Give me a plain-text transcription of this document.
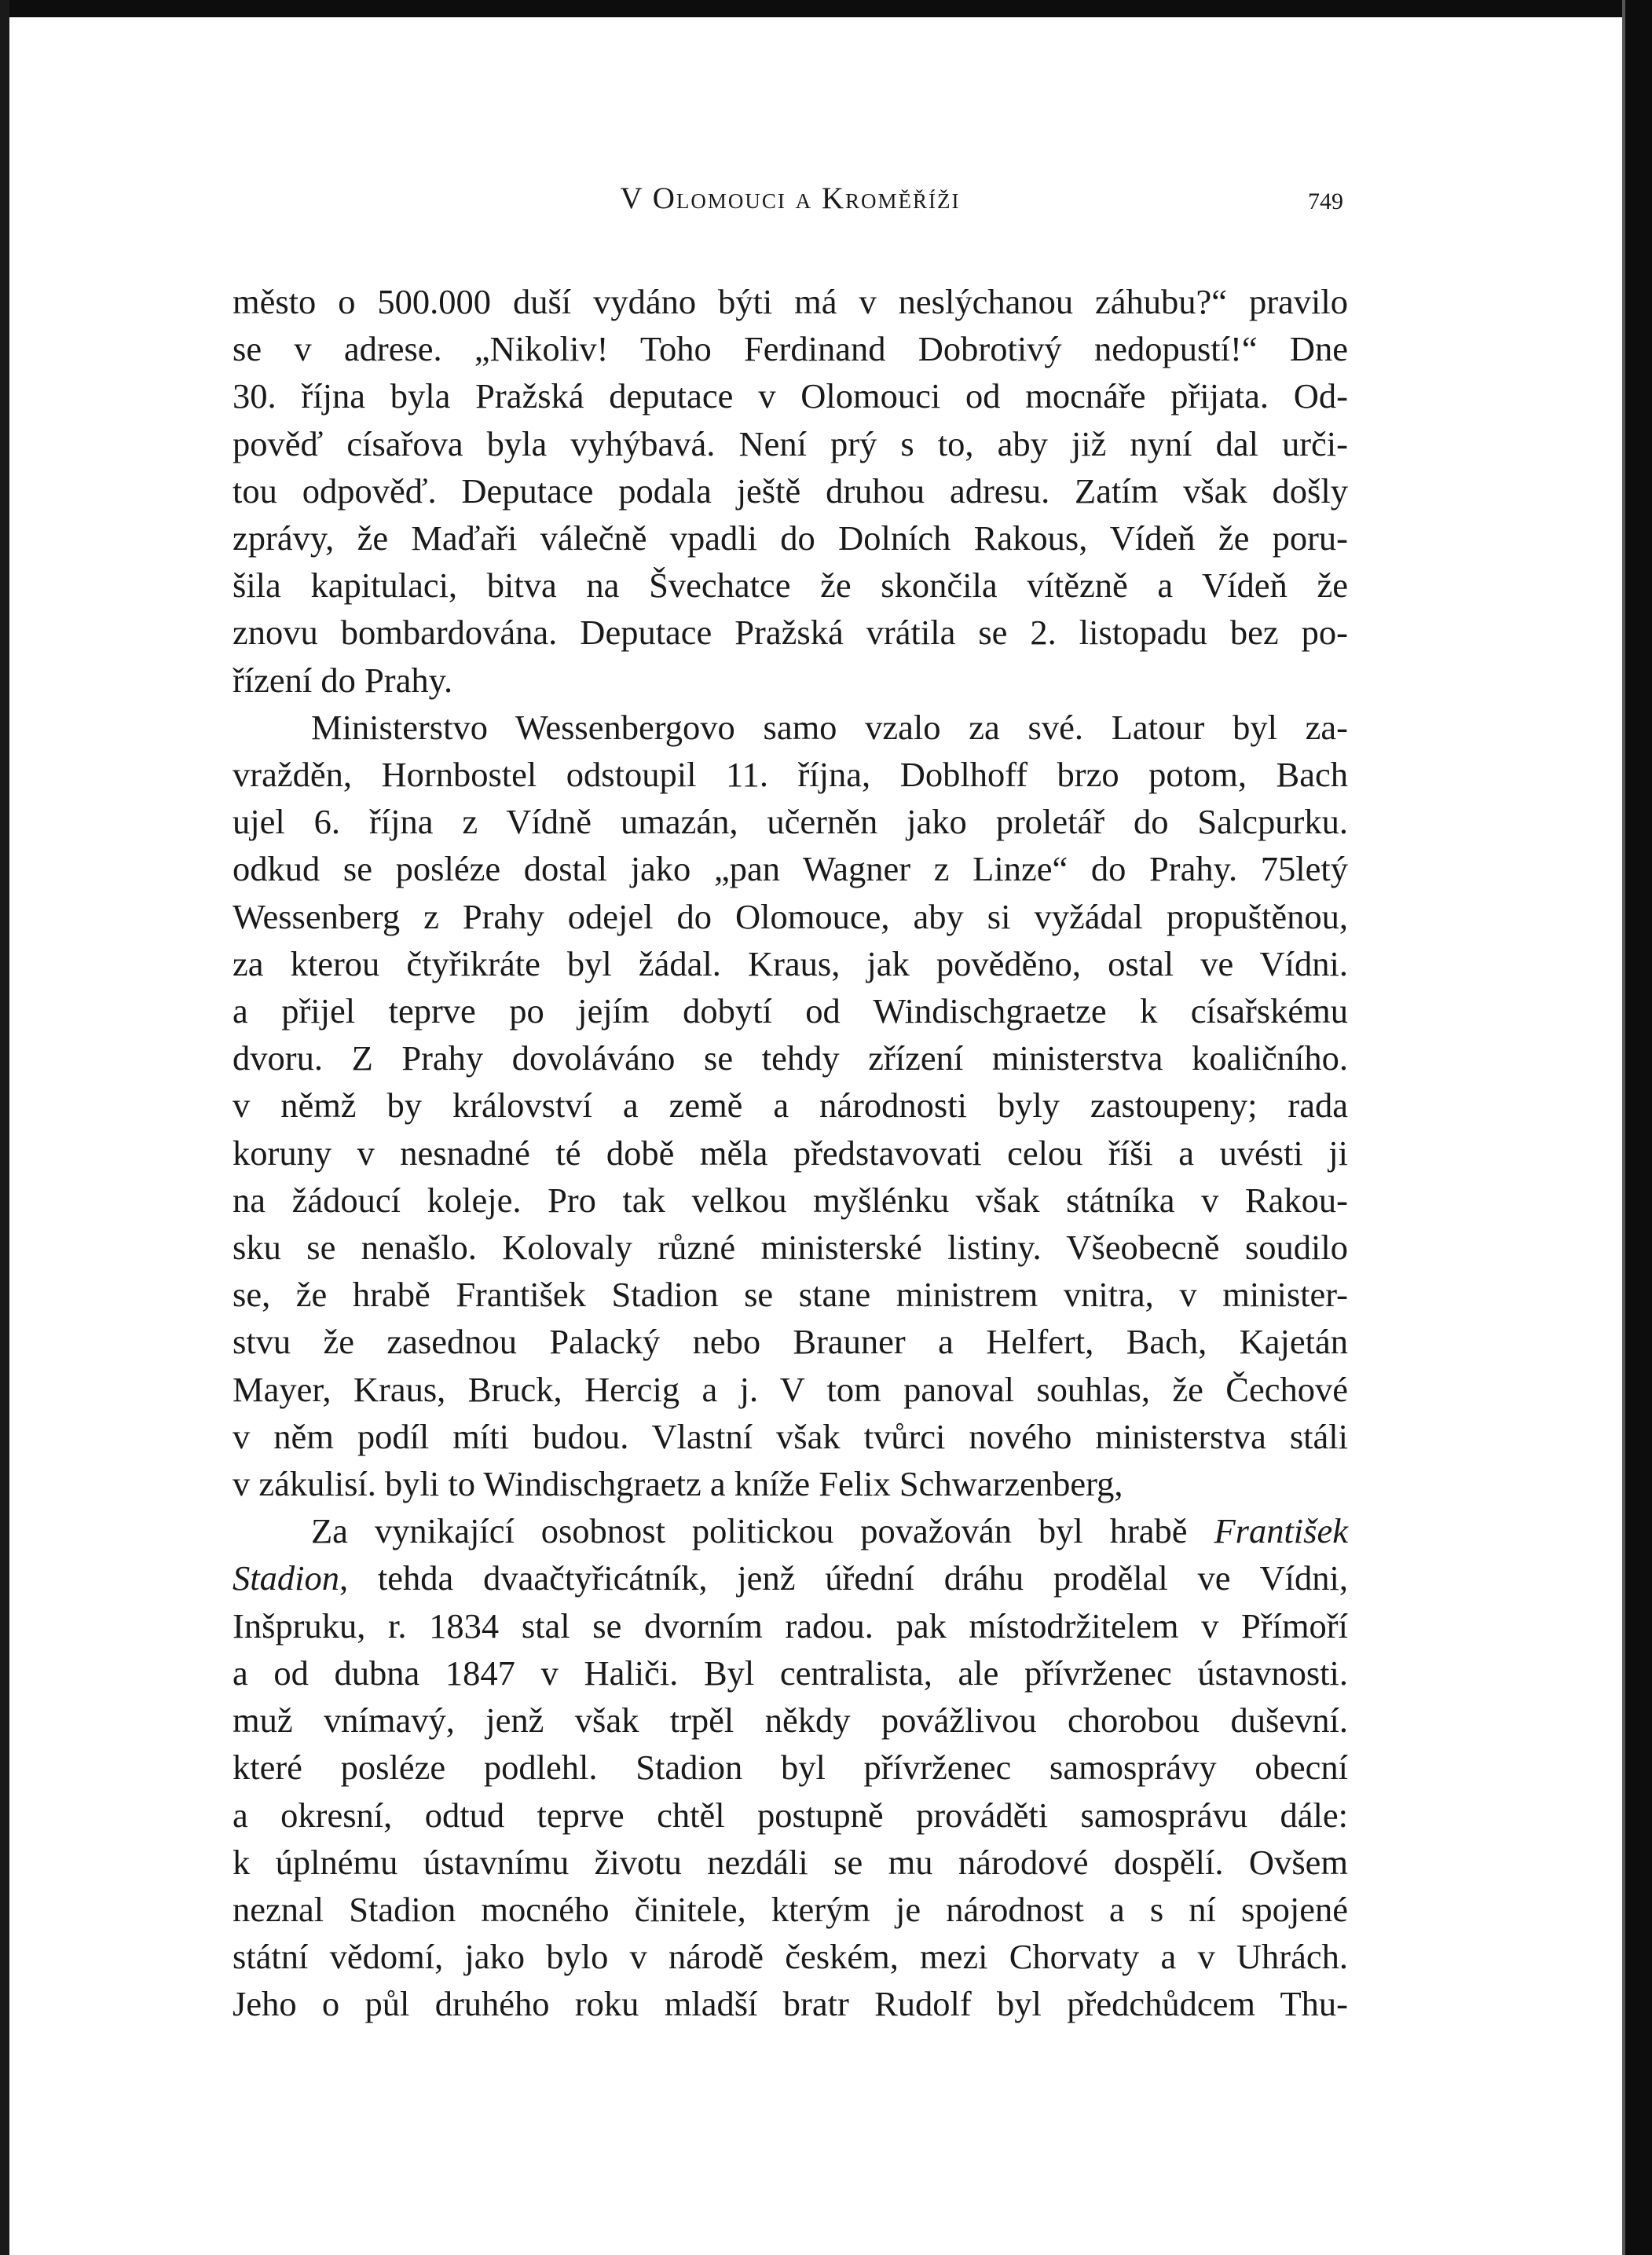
V Olomouci a Kroměříži	749

město o 500.000 duší vydáno býti má v neslýchanou záhubu?“ pravilo
se v adrese. „Nikoliv! Toho Ferdinand Dobrotivý nedopustí!“ Dne
30. října byla Pražská deputace v Olomouci od mocnáře přijata. Od-
pověď císařova byla vyhýbavá. Není prý s to, aby již nyní dal urči-
tou odpověď. Deputace podala ještě druhou adresu. Zatím však došly
zprávy, že Maďaři válečně vpadli do Dolních Rakous, Vídeň že poru-
šila kapitulaci, bitva na Švechatce že skončila vítězně a Vídeň že
znovu bombardována. Deputace Pražská vrátila se 2. listopadu bez po-
řízení do Prahy.

Ministerstvo Wessenbergovo samo vzalo za své. Latour byl za-
vražděn, Hornbostel odstoupil 11. října, Doblhoff brzo potom, Bach
ujel 6. října z Vídně umazán, učerněn jako proletář do Salcpurku.
odkud se posléze dostal jako „pan Wagner z Linze“ do Prahy. 75letý
Wessenberg z Prahy odejel do Olomouce, aby si vyžádal propuštěnou,
za kterou čtyřikráte byl žádal. Kraus, jak pověděno, ostal ve Vídni.
a přijel teprve po jejím dobytí od Windischgraetze k císařskému
dvoru. Z Prahy dovoláváno se tehdy zřízení ministerstva koaličního.
v němž by království a země a národnosti byly zastoupeny; rada
koruny v nesnadné té době měla představovati celou říši a uvésti ji
na žádoucí koleje. Pro tak velkou myšlénku však státníka v Rakou-
sku se nenašlo. Kolovaly různé ministerské listiny. Všeobecně soudilo
se, že hrabě František Stadion se stane ministrem vnitra, v minister-
stvu že zasednou Palacký nebo Brauner a Helfert, Bach, Kajetán
Mayer, Kraus, Bruck, Hercig a j. V tom panoval souhlas, že Čechové
v něm podíl míti budou. Vlastní však tvůrci nového ministerstva stáli
v zákulisí. byli to Windischgraetz a kníže Felix Schwarzenberg,

Za vynikající osobnost politickou považován byl hrabě František
Stadion, tehda dvaačtyřicátník, jenž úřední dráhu prodělal ve Vídni,
Inšpruku, r. 1834 stal se dvorním radou. pak místodržitelem v Přímoří
a od dubna 1847 v Haliči. Byl centralista, ale přívrženec ústavnosti.
muž vnímavý, jenž však trpěl někdy povážlivou chorobou duševní.
které posléze podlehl. Stadion byl přívrženec samosprávy obecní
a okresní, odtud teprve chtěl postupně prováděti samosprávu dále:
k úplnému ústavnímu životu nezdáli se mu národové dospělí. Ovšem
neznal Stadion mocného činitele, kterým je národnost a s ní spojené
státní vědomí, jako bylo v národě českém, mezi Chorvaty a v Uhrách.
Jeho o půl druhého roku mladší bratr Rudolf byl předchůdcem Thu-
